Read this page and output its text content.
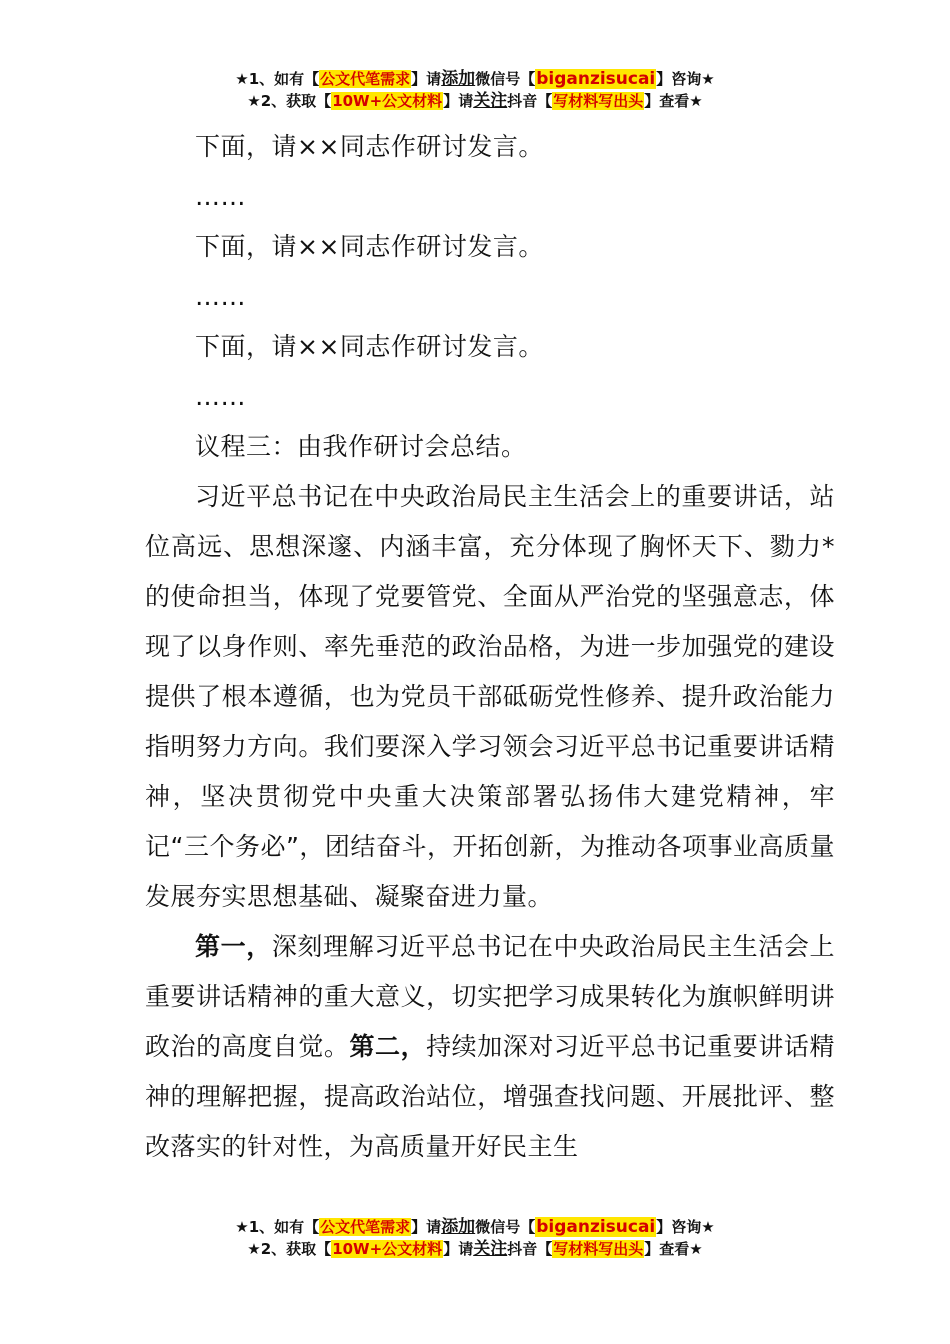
★1、如有【公文代笔需求】请添加微信号【biganzisucai】咨询★
★2、获取【10W+公文材料】请关注抖音【写材料写出头】查看★

下面，请××同志作研讨发言。

……

下面，请××同志作研讨发言。

……

下面，请××同志作研讨发言。

……

议程三：由我作研讨会总结。

习近平总书记在中央政治局民主生活会上的重要讲话，站位高远、思想深邃、内涵丰富，充分体现了胸怀天下、勠力*的使命担当，体现了党要管党、全面从严治党的坚强意志，体现了以身作则、率先垂范的政治品格，为进一步加强党的建设提供了根本遵循，也为党员干部砥砺党性修养、提升政治能力指明努力方向。我们要深入学习领会习近平总书记重要讲话精神，坚决贯彻党中央重大决策部署弘扬伟大建党精神，牢记“三个务必”，团结奋斗，开拓创新，为推动各项事业高质量发展夯实思想基础、凝聚奋进力量。

第一，深刻理解习近平总书记在中央政治局民主生活会上重要讲话精神的重大意义，切实把学习成果转化为旗帜鲜明讲政治的高度自觉。第二，持续加深对习近平总书记重要讲话精神的理解把握，提高政治站位，增强查找问题、开展批评、整改落实的针对性，为高质量开好民主生

★1、如有【公文代笔需求】请添加微信号【biganzisucai】咨询★
★2、获取【10W+公文材料】请关注抖音【写材料写出头】查看★
